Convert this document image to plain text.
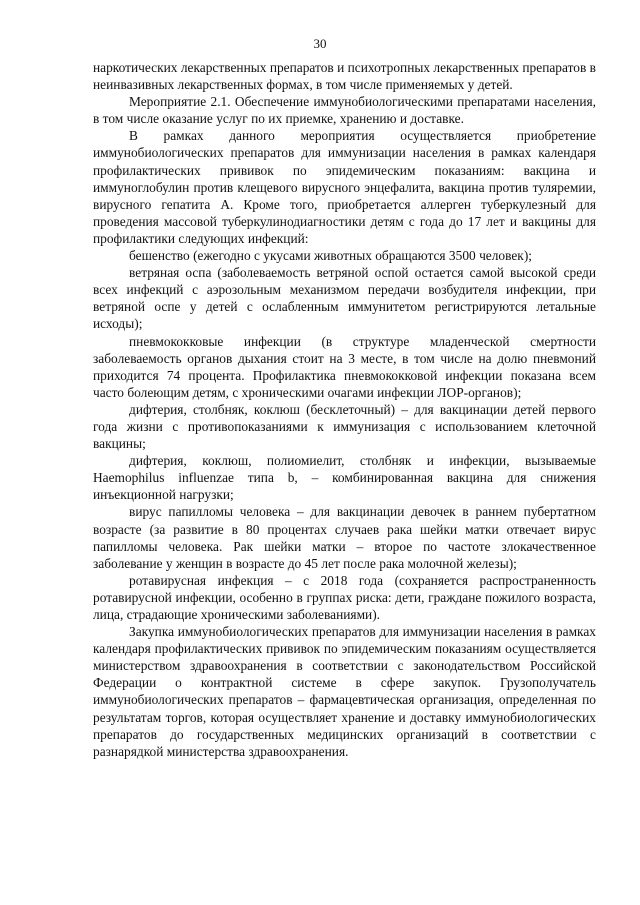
30

наркотических лекарственных препаратов и психотропных лекарственных препаратов в неинвазивных лекарственных формах, в том числе применяемых у детей.

Мероприятие 2.1. Обеспечение иммунобиологическими препаратами населения, в том числе оказание услуг по их приемке, хранению и доставке.

В рамках данного мероприятия осуществляется приобретение иммунобиологических препаратов для иммунизации населения в рамках календаря профилактических прививок по эпидемическим показаниям: вакцина и иммуноглобулин против клещевого вирусного энцефалита, вакцина против туляремии, вирусного гепатита А. Кроме того, приобретается аллерген туберкулезный для проведения массовой туберкулинодиагностики детям с года до 17 лет и вакцины для профилактики следующих инфекций:

бешенство (ежегодно с укусами животных обращаются 3500 человек);

ветряная оспа (заболеваемость ветряной оспой остается самой высокой среди всех инфекций с аэрозольным механизмом передачи возбудителя инфекции, при ветряной оспе у детей с ослабленным иммунитетом регистрируются летальные исходы);

пневмококковые инфекции (в структуре младенческой смертности заболеваемость органов дыхания стоит на 3 месте, в том числе на долю пневмоний приходится 74 процента. Профилактика пневмококковой инфекции показана всем часто болеющим детям, с хроническими очагами инфекции ЛОР-органов);

дифтерия, столбняк, коклюш (бесклеточный) – для вакцинации детей первого года жизни с противопоказаниями к иммунизация с использованием клеточной вакцины;

дифтерия, коклюш, полиомиелит, столбняк и инфекции, вызываемые Haemophilus influenzae типа b, – комбинированная вакцина для снижения инъекционной нагрузки;

вирус папилломы человека – для вакцинации девочек в раннем пубертатном возрасте (за развитие в 80 процентах случаев рака шейки матки отвечает вирус папилломы человека. Рак шейки матки – второе по частоте злокачественное заболевание у женщин в возрасте до 45 лет после рака молочной железы);

ротавирусная инфекция – с 2018 года (сохраняется распространенность ротавирусной инфекции, особенно в группах риска: дети, граждане пожилого возраста, лица, страдающие хроническими заболеваниями).

Закупка иммунобиологических препаратов для иммунизации населения в рамках календаря профилактических прививок по эпидемическим показаниям осуществляется министерством здравоохранения в соответствии с законодательством Российской Федерации о контрактной системе в сфере закупок. Грузополучатель иммунобиологических препаратов – фармацевтическая организация, определенная по результатам торгов, которая осуществляет хранение и доставку иммунобиологических препаратов до государственных медицинских организаций в соответствии с разнарядкой министерства здравоохранения.
